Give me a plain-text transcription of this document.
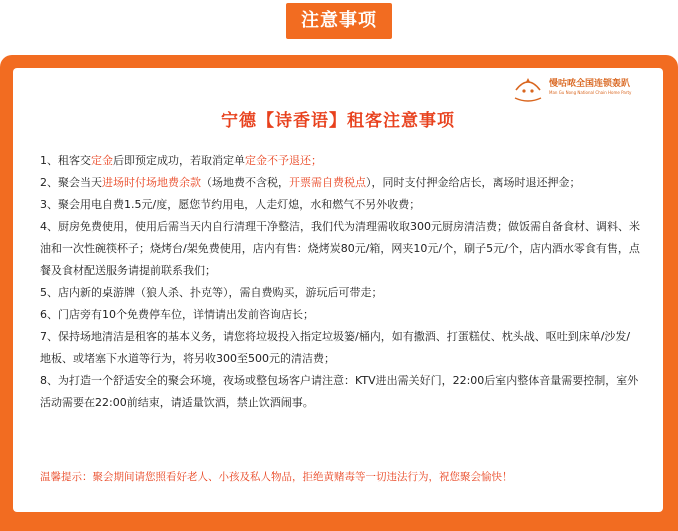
注意事项
慢咕哝全国连锁轰趴
Man Gu Nong National Chain Home Party
宁德【诗香语】租客注意事项

1、租客交定金后即预定成功，若取消定单定金不予退还；

2、聚会当天进场时付场地费余款（场地费不含税，开票需自费税点），同时支付押金给店长，离场时退还押金；

3、聚会用电自费1.5元/度，愿您节约用电，人走灯熄，水和燃气不另外收费；

4、厨房免费使用，使用后需当天内自行清理干净整洁，我们代为清理需收取300元厨房清洁费；做饭需自备食材、调料、米油和一次性碗筷杯子；烧烤台/架免费使用，店内有售：烧烤炭80元/箱，网夹10元/个，刷子5元/个，店内酒水零食有售，点餐及食材配送服务请提前联系我们；

5、店内新的桌游牌（狼人杀、扑克等），需自费购买，游玩后可带走；

6、门店旁有10个免费停车位，详情请出发前咨询店长；

7、保持场地清洁是租客的基本义务，请您将垃圾投入指定垃圾篓/桶内，如有撒酒、打蛋糕仗、枕头战、呕吐到床单/沙发/地板、或堵塞下水道等行为，将另收300至500元的清洁费；

8、为打造一个舒适安全的聚会环境，夜场或整包场客户请注意：KTV进出需关好门，22:00后室内整体音量需要控制，室外活动需要在22:00前结束，请适量饮酒，禁止饮酒闹事。

温馨提示：聚会期间请您照看好老人、小孩及私人物品，拒绝黄赌毒等一切违法行为，祝您聚会愉快！
